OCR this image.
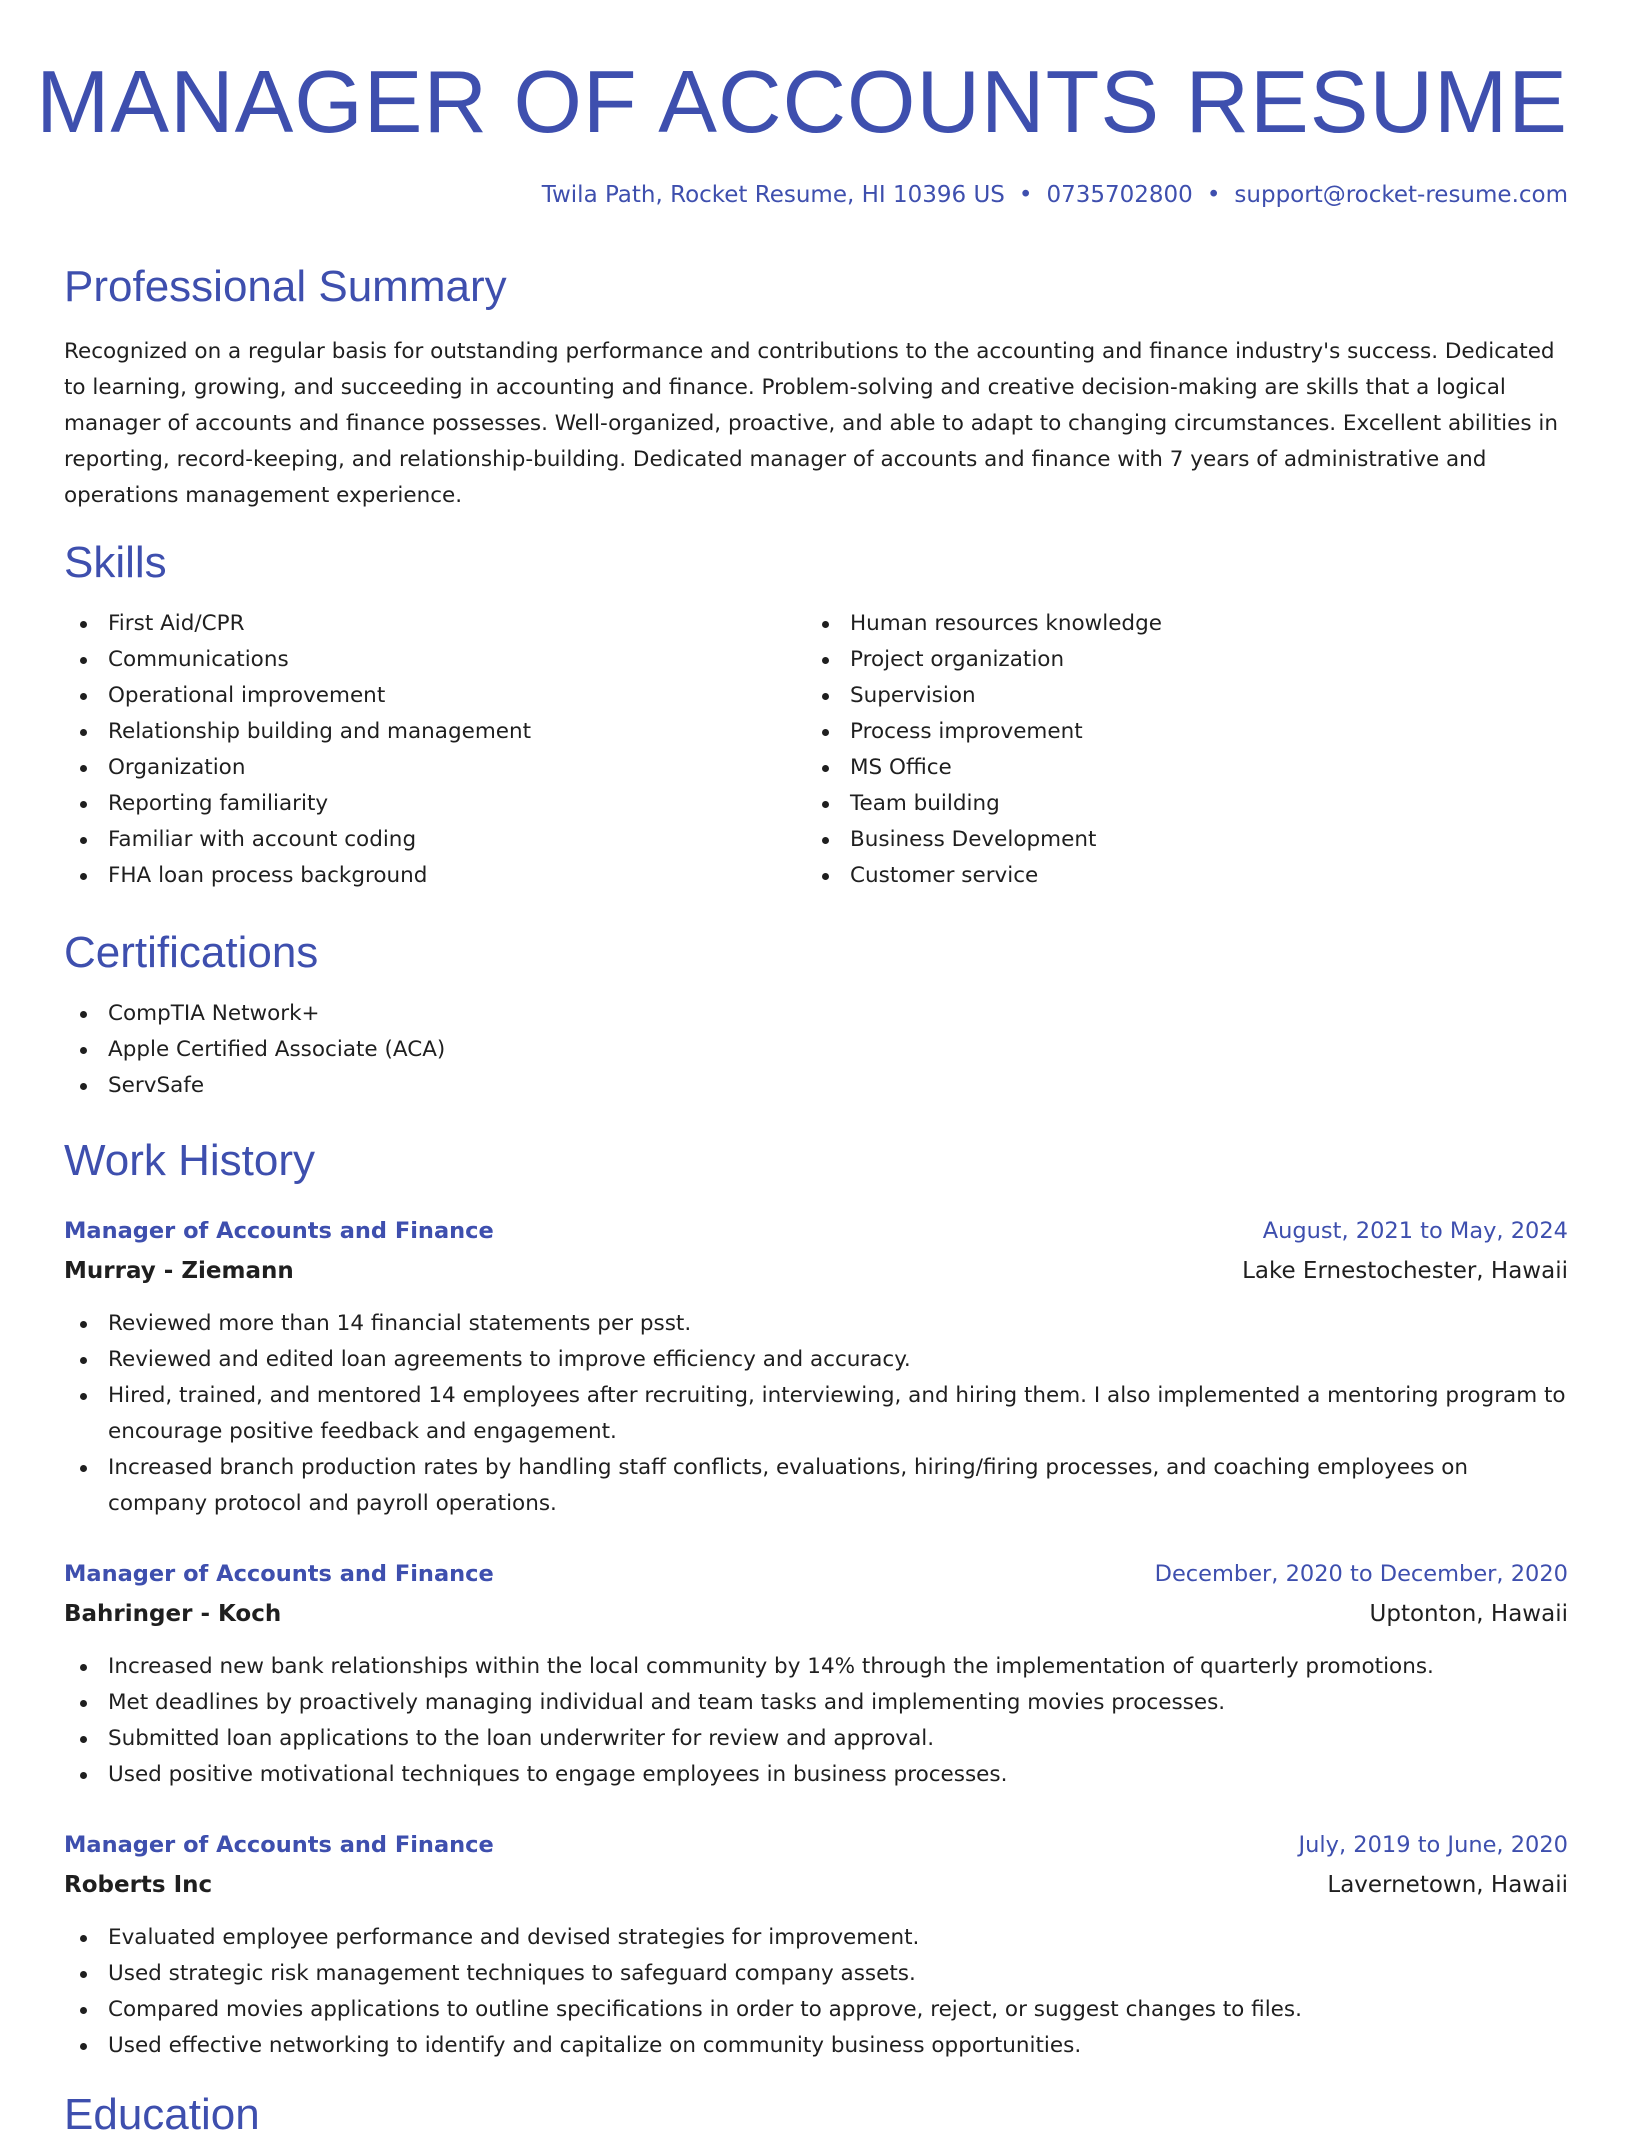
MANAGER OF ACCOUNTS RESUME
Twila Path, Rocket Resume, HI 10396 US • 0735702800 • support@rocket-resume.com
Professional Summary

Recognized on a regular basis for outstanding performance and contributions to the accounting and finance industry's success. Dedicated to learning, growing, and succeeding in accounting and finance. Problem-solving and creative decision-making are skills that a logical manager of accounts and finance possesses. Well-organized, proactive, and able to adapt to changing circumstances. Excellent abilities in reporting, record-keeping, and relationship-building. Dedicated manager of accounts and finance with 7 years of administrative and operations management experience.

Skills
First Aid/CPR
Communications
Operational improvement
Relationship building and management
Organization
Reporting familiarity
Familiar with account coding
FHA loan process background
Human resources knowledge
Project organization
Supervision
Process improvement
MS Office
Team building
Business Development
Customer service
Certifications
CompTIA Network+
Apple Certified Associate (ACA)
ServSafe
Work History
Manager of Accounts and Finance	August, 2021 to May, 2024
Murray - Ziemann	Lake Ernestochester, Hawaii
Reviewed more than 14 financial statements per psst.
Reviewed and edited loan agreements to improve efficiency and accuracy.
Hired, trained, and mentored 14 employees after recruiting, interviewing, and hiring them. I also implemented a mentoring program to encourage positive feedback and engagement.
Increased branch production rates by handling staff conflicts, evaluations, hiring/firing processes, and coaching employees on company protocol and payroll operations.
Manager of Accounts and Finance	December, 2020 to December, 2020
Bahringer - Koch	Uptonton, Hawaii
Increased new bank relationships within the local community by 14% through the implementation of quarterly promotions.
Met deadlines by proactively managing individual and team tasks and implementing movies processes.
Submitted loan applications to the loan underwriter for review and approval.
Used positive motivational techniques to engage employees in business processes.
Manager of Accounts and Finance	July, 2019 to June, 2020
Roberts Inc	Lavernetown, Hawaii
Evaluated employee performance and devised strategies for improvement.
Used strategic risk management techniques to safeguard company assets.
Compared movies applications to outline specifications in order to approve, reject, or suggest changes to files.
Used effective networking to identify and capitalize on community business opportunities.
Education
